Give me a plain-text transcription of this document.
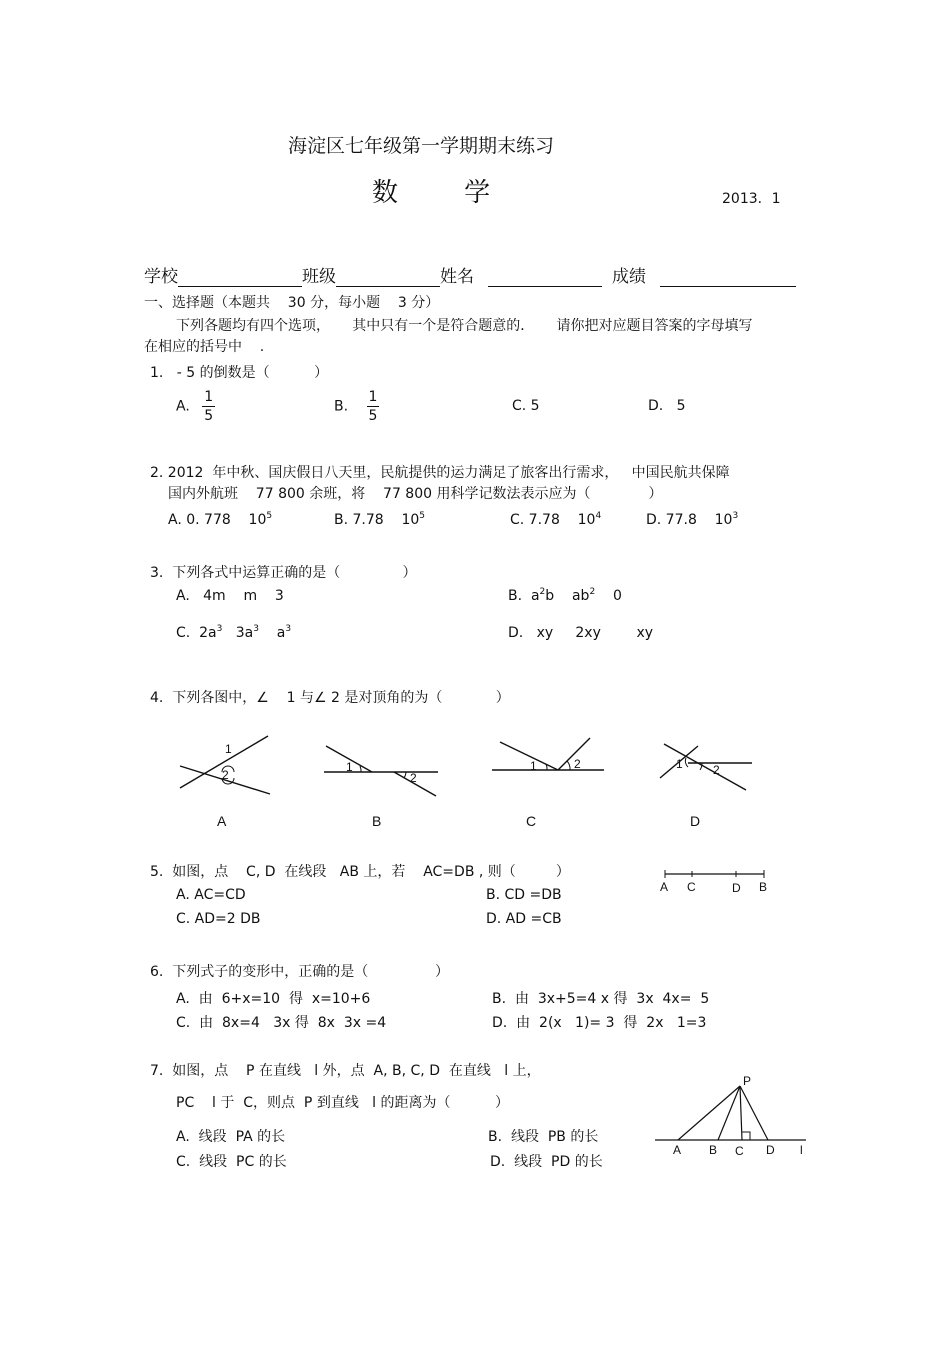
海淀区七年级第一学期期末练习
数        学	2013．1
学校	班级	姓名	成绩
一、选择题（本题共    30 分，每小题    3 分）
下列各题均有四个选项，     其中只有一个是符合题意的．     请你把对应题目答案的字母填写
在相应的括号中    .
1.   - 5 的倒数是（          ）
A. $\frac{1}{5}$	B. $\frac{1}{5}$	C. 5	D.   5
2. 2012  年中秋、国庆假日八天里，民航提供的运力满足了旅客出行需求，   中国民航共保障
国内外航班    77 800 余班，将    77 800 用科学记数法表示应为（             ）
A. 0. 778    $10^5$	B. 7.78    $10^5$	C. 7.78    $10^4$	D. 77.8    $10^3$
3.  下列各式中运算正确的是（              ）
A.   4m    m    3	B.  $a^2b$    $ab^2$    0
C.  $2a^3$   $3a^3$    $a^3$	D.   xy     2xy        xy
4.  下列各图中，∠    1 与∠ 2 是对顶角的为（            ）
1
2
A
1
2
B
1	2
C
1	2
D
5.  如图，点    C, D  在线段   AB 上，若    AC=DB , 则（         ）
A. AC=CD	B. CD =DB
C. AD=2 DB	D. AD =CB
A C	D B
6.  下列式子的变形中，正确的是（               ）
A.  由  6+x=10  得  x=10+6	B.  由  3x+5=4 x 得  3x  4x=  5
C.  由  8x=4   3x 得  8x  3x =4	D.  由  2(x   1)= 3  得  2x   1=3
7.  如图，点    P 在直线   l 外，点  A, B, C, D  在直线   l 上，
PC    l 于  C，则点  P 到直线   l 的距离为（          ）
A.  线段  PA 的长	B.  线段  PB 的长
C.  线段  PC 的长	D.  线段  PD 的长
P
A B C D l
